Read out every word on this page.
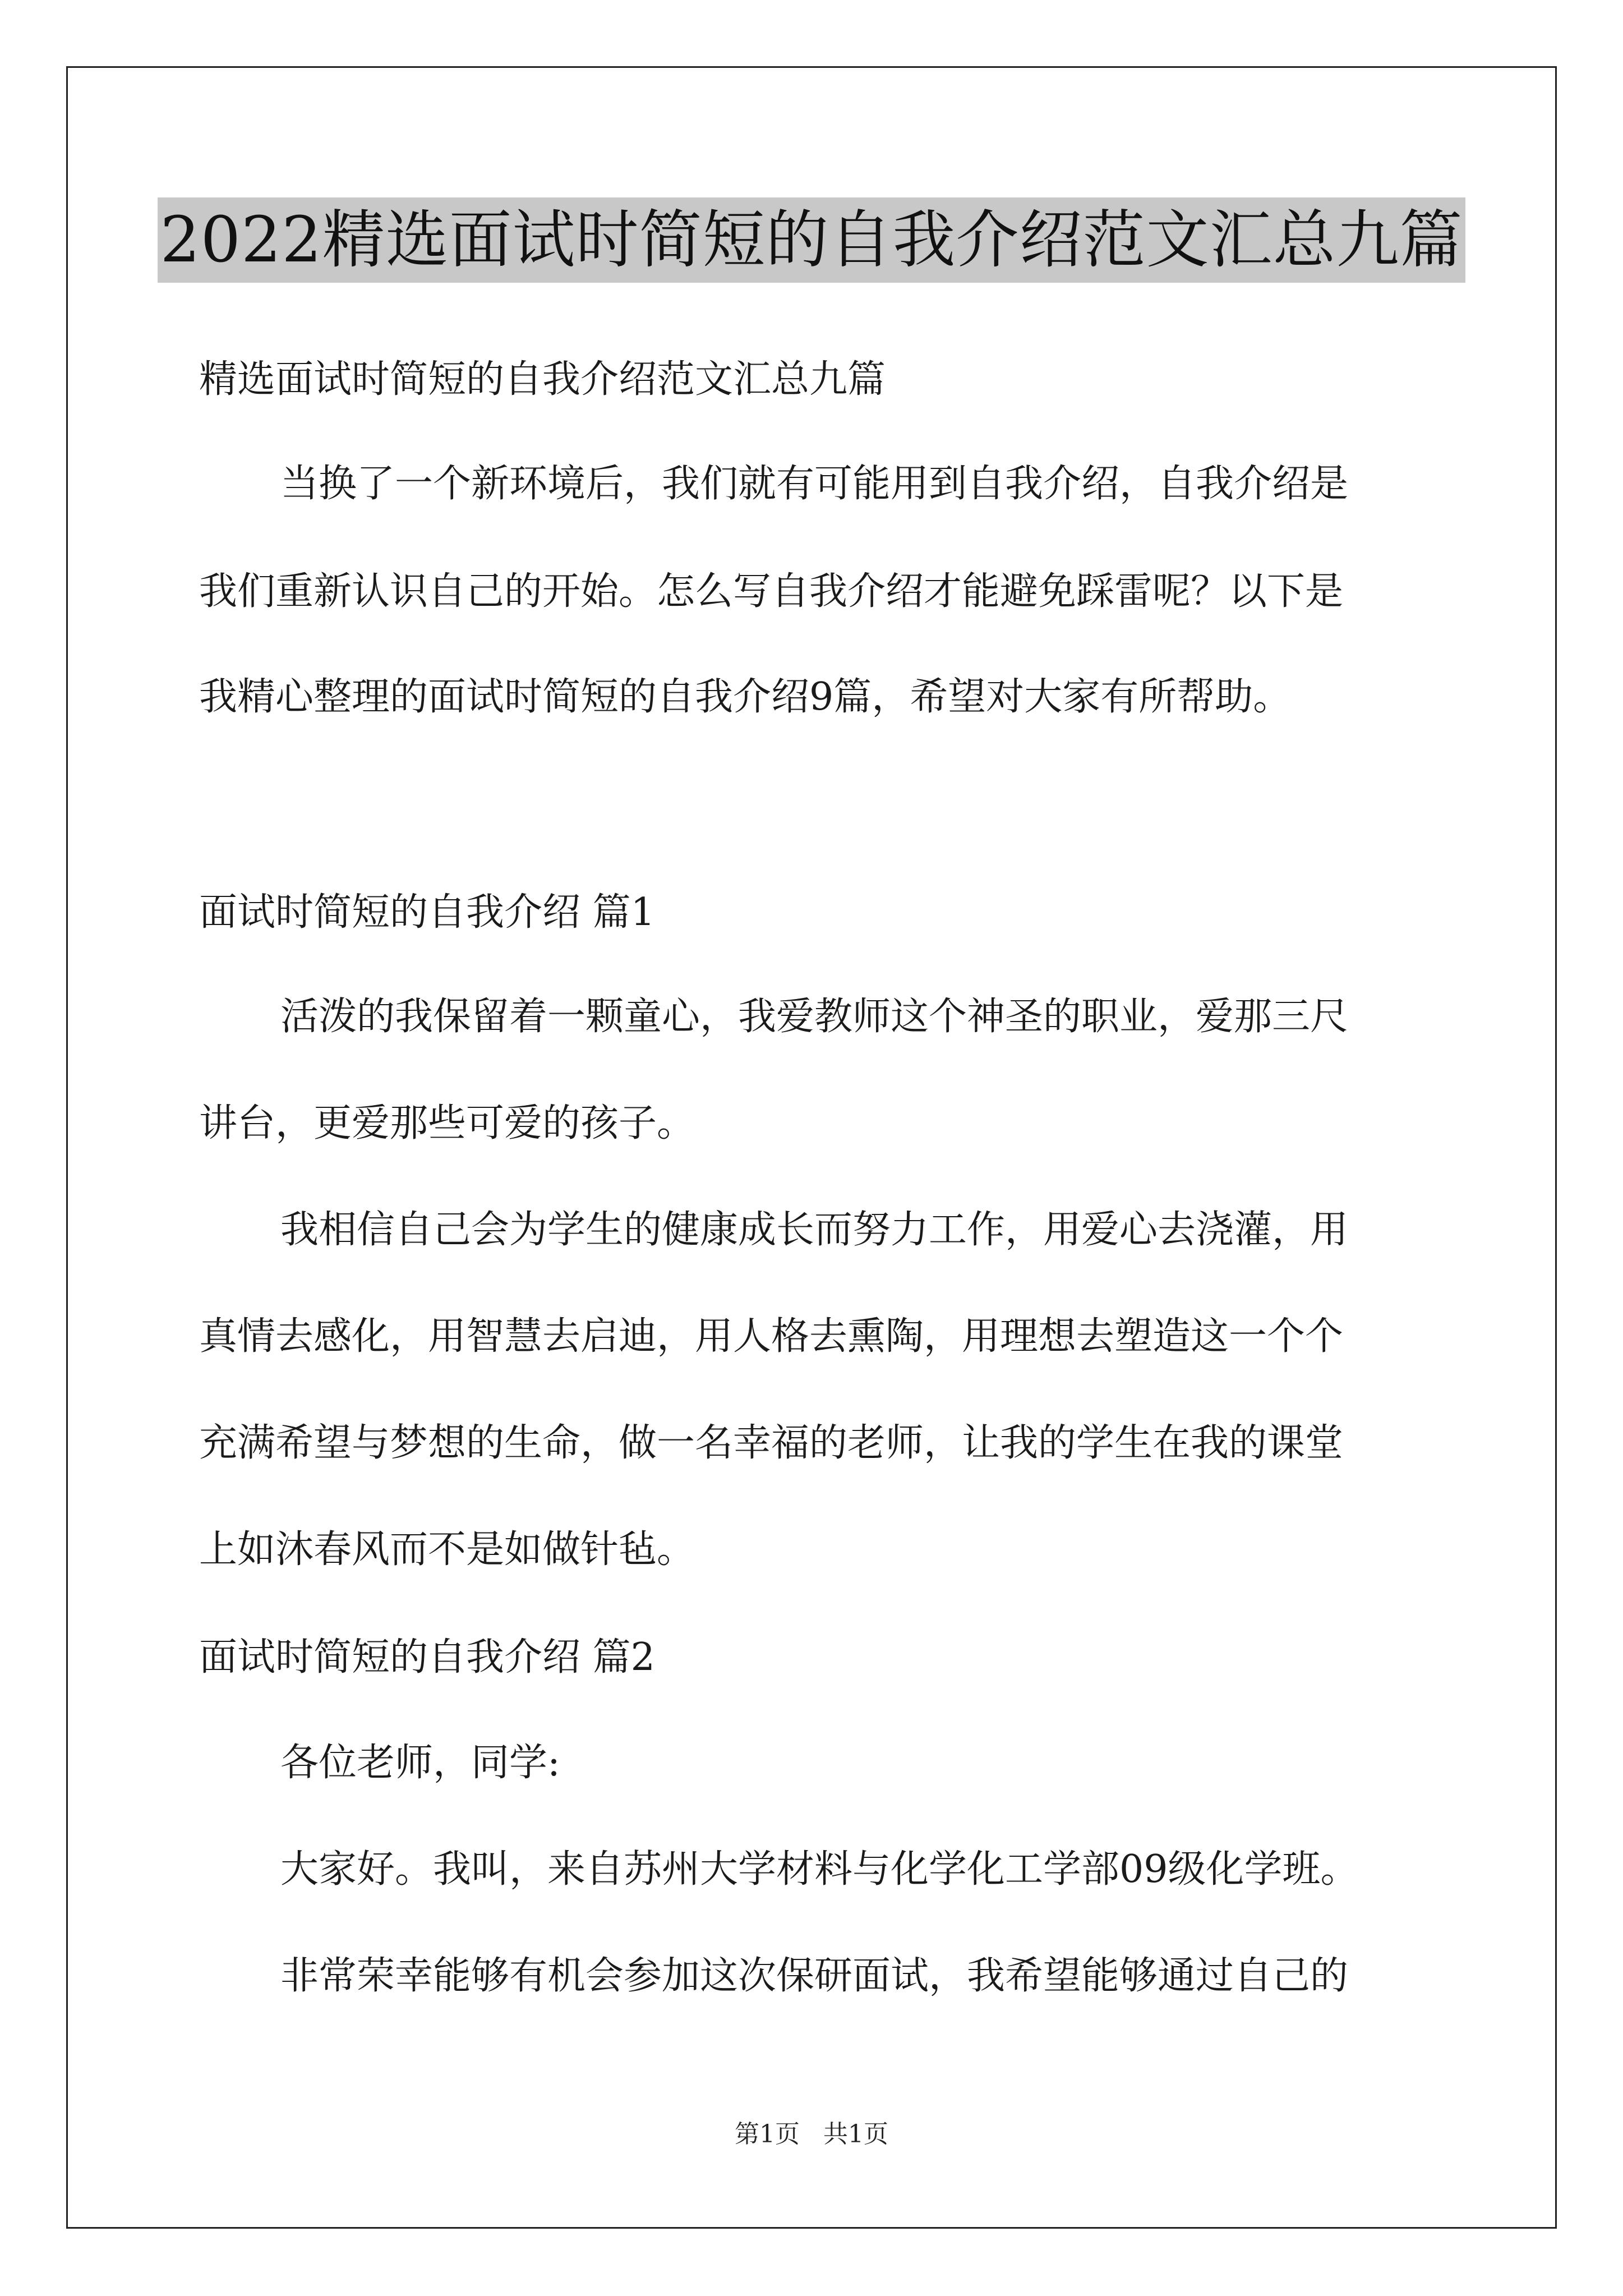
2022精选面试时简短的自我介绍范文汇总九篇
精选面试时简短的自我介绍范文汇总九篇
当换了一个新环境后，我们就有可能用到自我介绍，自我介绍是
我们重新认识自己的开始。怎么写自我介绍才能避免踩雷呢？以下是
我精心整理的面试时简短的自我介绍9篇，希望对大家有所帮助。
面试时简短的自我介绍 篇1
活泼的我保留着一颗童心，我爱教师这个神圣的职业，爱那三尺
讲台，更爱那些可爱的孩子。
我相信自己会为学生的健康成长而努力工作，用爱心去浇灌，用
真情去感化，用智慧去启迪，用人格去熏陶，用理想去塑造这一个个
充满希望与梦想的生命，做一名幸福的老师，让我的学生在我的课堂
上如沐春风而不是如做针毡。
面试时简短的自我介绍 篇2
各位老师，同学:
大家好。我叫，来自苏州大学材料与化学化工学部09级化学班。
非常荣幸能够有机会参加这次保研面试，我希望能够通过自己的
第1页 共1页
